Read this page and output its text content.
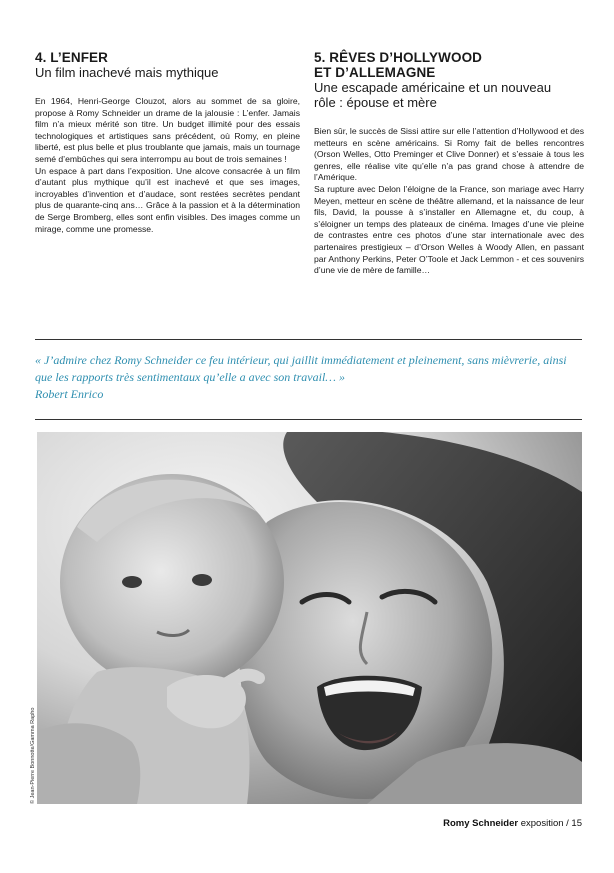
4. L’ENFER
Un film inachevé mais mythique

En 1964, Henri-George Clouzot, alors au sommet de sa gloire, propose à Romy Schneider un drame de la jalousie : L’enfer. Jamais film n’a mieux mérité son titre. Un budget illimité pour des essais technologiques et artistiques sans précédent, où Romy, en pleine liberté, est plus belle et plus troublante que jamais, mais un tournage semé d’embûches qui sera interrompu au bout de trois semaines !

Un espace à part dans l’exposition. Une alcove consacrée à un film d’autant plus mythique qu’il est inachevé et que ses images, incroyables d’invention et d’audace, sont restées secrètes pendant plus de quarante-cinq ans… Grâce à la passion et à la détermination de Serge Bromberg, elles sont enfin visibles. Des images comme un mirage, comme une promesse.

5. RÊVES D’HOLLYWOOD
ET D’ALLEMAGNE
Une escapade américaine et un nouveau
rôle : épouse et mère

Bien sûr, le succès de Sissi attire sur elle l’attention d’Hollywood et des metteurs en scène américains. Si Romy fait de belles rencontres (Orson Welles, Otto Preminger et Clive Donner) et s’essaie à tous les genres, elle réalise vite qu’elle n’a pas grand chose à attendre de l’Amérique.

Sa rupture avec Delon l’éloigne de la France, son mariage avec Harry Meyen, metteur en scène de théâtre allemand, et la naissance de leur fils, David, la pousse à s’installer en Allemagne et, du coup, à s’éloigner un temps des plateaux de cinéma. Images d’une vie pleine de contrastes entre ces photos d’une star internationale avec des partenaires prestigieux – d’Orson Welles à Woody Allen, en passant par Anthony Perkins, Peter O’Toole et Jack Lemmon - et ces souvenirs d’une vie de mère de famille…

« J’admire chez Romy Schneider ce feu intérieur, qui jaillit immédiatement et pleinement, sans mièvrerie, ainsi que les rapports très sentimentaux qu’elle a avec son travail… »

Robert Enrico

© Jean-Pierre Bonnotte/Gamma Rapho
Romy Schneider exposition / 15
